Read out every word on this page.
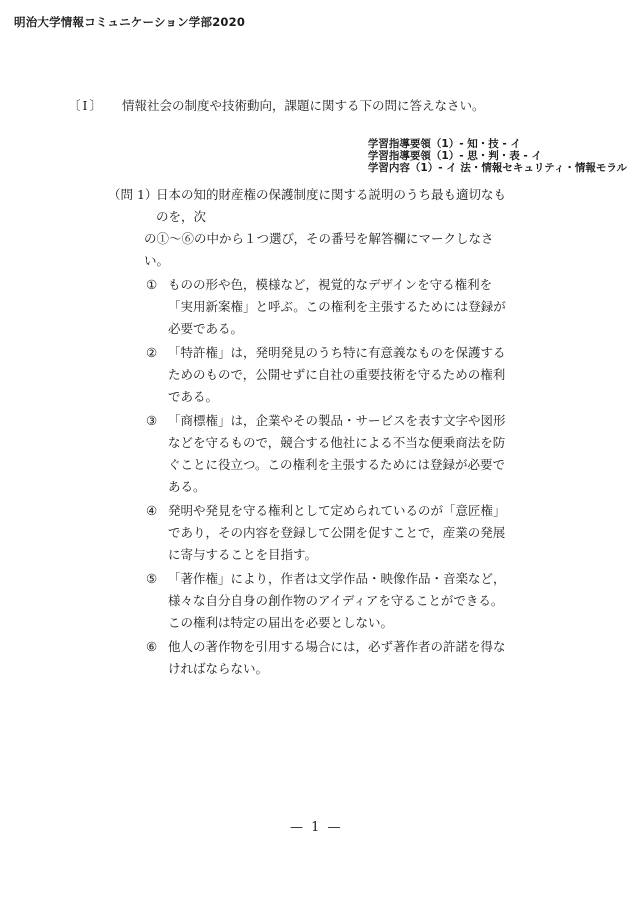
明治大学情報コミュニケーション学部2020
〔Ⅰ〕 情報社会の制度や技術動向，課題に関する下の問に答えなさい。
学習指導要領（1）- 知・技 - イ
学習指導要領（1）- 思・判・表 - イ
学習内容（1）- イ 法・情報セキュリティ・情報モラル
（問 1）
日本の知的財産権の保護制度に関する説明のうち最も適切なものを，次
の①〜⑥の中から１つ選び，その番号を解答欄にマークしなさい。
① ものの形や色，模様など，視覚的なデザインを守る権利を「実用新案権」と呼ぶ。この権利を主張するためには登録が必要である。
② 「特許権」は，発明発見のうち特に有意義なものを保護するためのもので，公開せずに自社の重要技術を守るための権利である。
③ 「商標権」は，企業やその製品・サービスを表す文字や図形などを守るもので，競合する他社による不当な便乗商法を防ぐことに役立つ。この権利を主張するためには登録が必要である。
④ 発明や発見を守る権利として定められているのが「意匠権」であり，その内容を登録して公開を促すことで，産業の発展に寄与することを目指す。
⑤ 「著作権」により，作者は文学作品・映像作品・音楽など，様々な自分自身の創作物のアイディアを守ることができる。この権利は特定の届出を必要としない。
⑥ 他人の著作物を引用する場合には，必ず著作者の許諾を得なければならない。
— 1 —
